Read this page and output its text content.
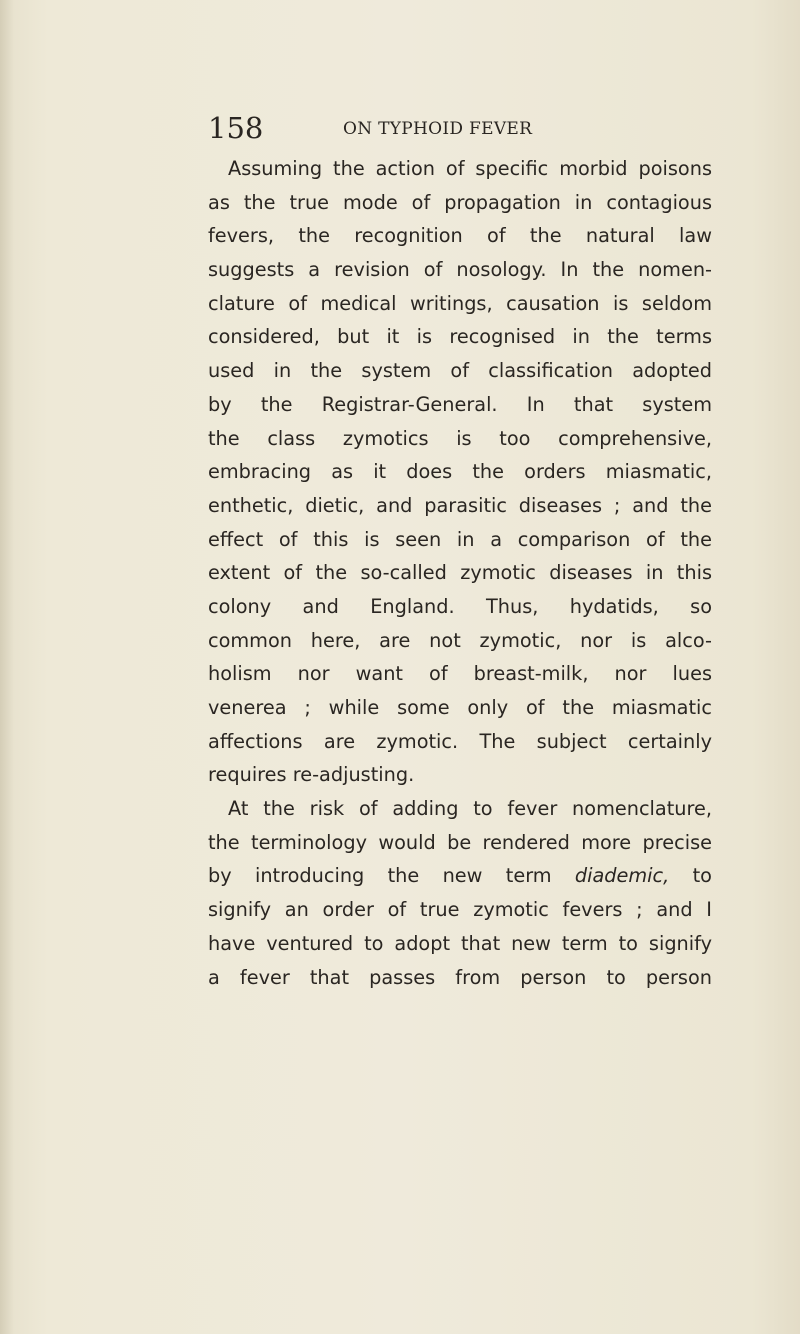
158	ON TYPHOID FEVER
Assuming the action of specific morbid poisons
as the true mode of propagation in contagious
fevers, the recognition of the natural law
suggests a revision of nosology. In the nomen-
clature of medical writings, causation is seldom
considered, but it is recognised in the terms
used in the system of classification adopted
by the Registrar-General. In that system
the class zymotics is too comprehensive,
embracing as it does the orders miasmatic,
enthetic, dietic, and parasitic diseases ; and the
effect of this is seen in a comparison of the
extent of the so-called zymotic diseases in this
colony and England. Thus, hydatids, so
common here, are not zymotic, nor is alco-
holism nor want of breast-milk, nor lues
venerea ; while some only of the miasmatic
affections are zymotic. The subject certainly
requires re-adjusting.
At the risk of adding to fever nomenclature,
the terminology would be rendered more precise
by introducing the new term diademic, to
signify an order of true zymotic fevers ; and I
have ventured to adopt that new term to signify
a fever that passes from person to person
